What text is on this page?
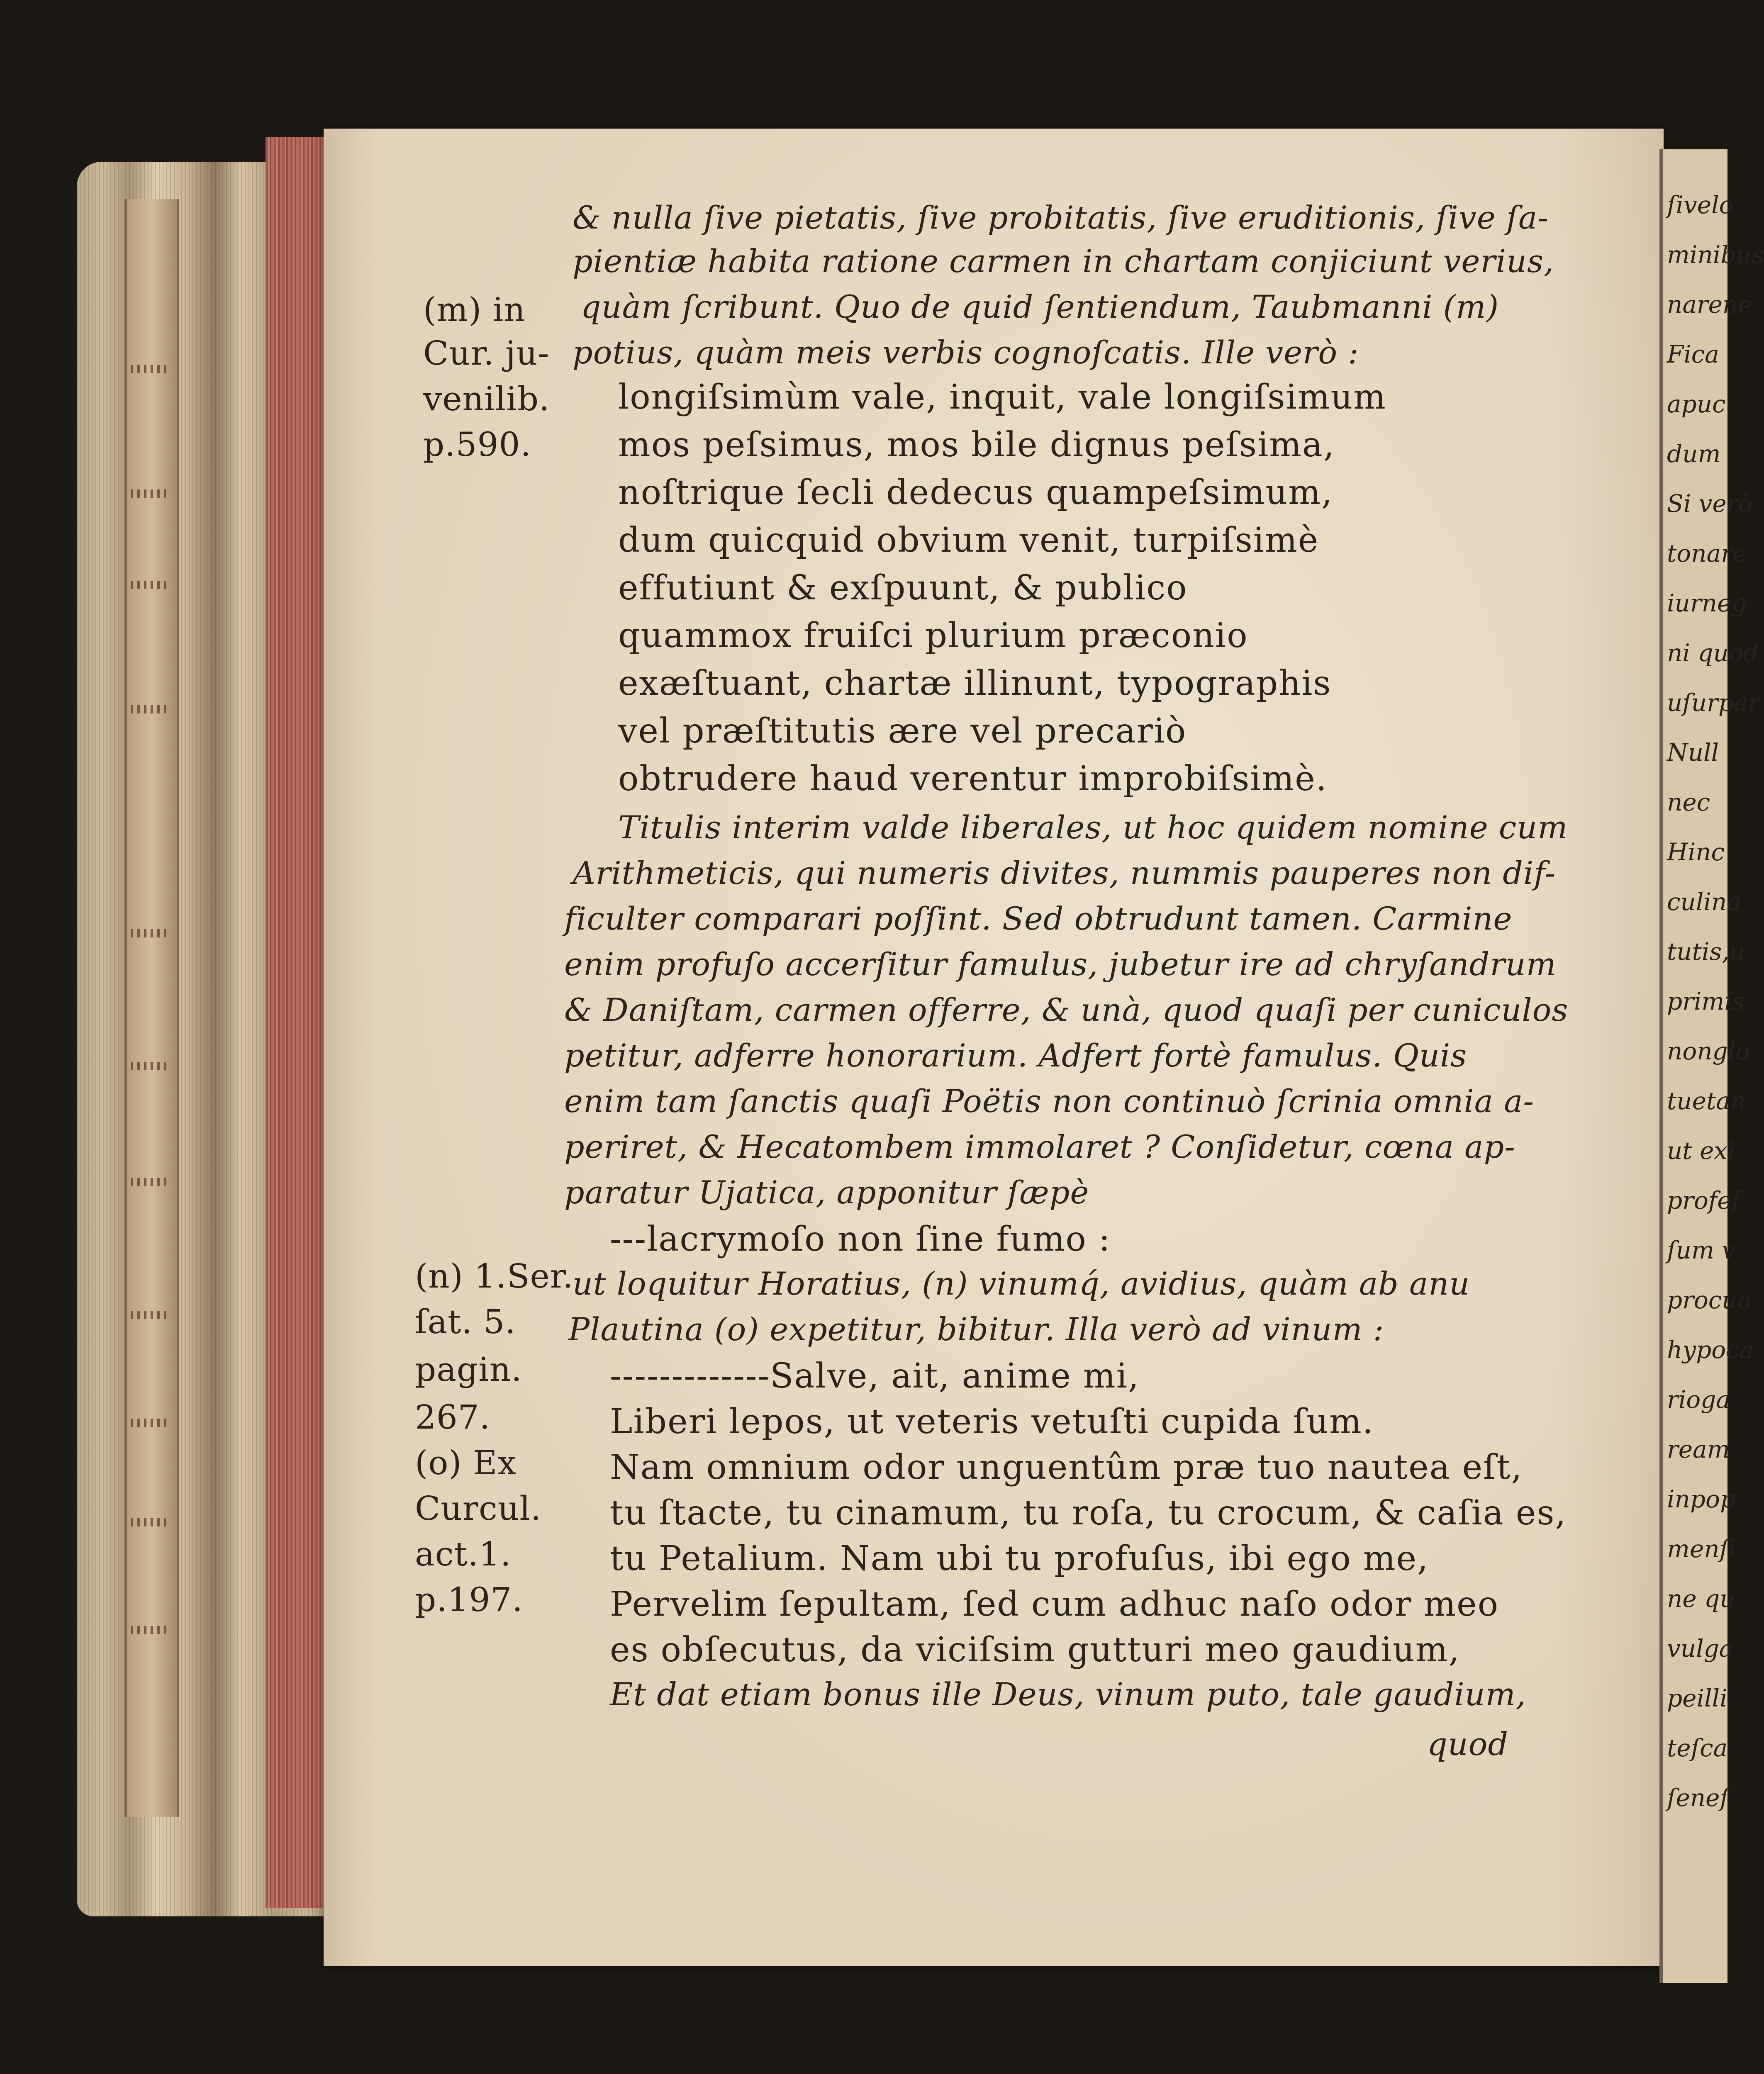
& nulla ſive pietatis, ſive probitatis, ſive eruditionis, ſive ſa-
pientiæ habita ratione carmen in chartam conjiciunt verius,
quàm ſcribunt. Quo de quid ſentiendum, Taubmanni (m)
potius, quàm meis verbis cognoſcatis. Ille verò :
longiſsimùm vale, inquit, vale longiſsimum
mos peſsimus, mos bile dignus peſsima,
noſtrique ſecli dedecus quampeſsimum,
dum quicquid obvium venit, turpiſsimè
effutiunt & exſpuunt, & publico
quammox fruiſci plurium præconio
exæſtuant, chartæ illinunt, typographis
vel præſtitutis ære vel precariò
obtrudere haud verentur improbiſsimè.
Titulis interim valde liberales, ut hoc quidem nomine cum
Arithmeticis, qui numeris divites, nummis pauperes non dif-
ficulter comparari poſſint. Sed obtrudunt tamen. Carmine
enim profuſo accerſitur famulus, jubetur ire ad chryſandrum
& Daniſtam, carmen offerre, & unà, quod quaſi per cuniculos
petitur, adferre honorarium. Adfert fortè famulus. Quis
enim tam ſanctis quaſi Poëtis non continuò ſcrinia omnia a-
periret, & Hecatombem immolaret ? Conſidetur, cœna ap-
paratur Ujatica, apponitur ſæpè
---lacrymoſo non ſine fumo :
ut loquitur Horatius, (n) vinumq́, avidius, quàm ab anu
Plautina (o) expetitur, bibitur. Illa verò ad vinum :
-------------Salve, ait, anime mi,
Liberi lepos, ut veteris vetuſti cupida ſum.
Nam omnium odor unguentûm præ tuo nautea eſt,
tu ſtacte, tu cinamum, tu roſa, tu crocum, & caſia es,
tu Petalium. Nam ubi tu profuſus, ibi ego me,
Pervelim ſepultam, ſed cum adhuc naſo odor meo
es obſecutus, da viciſsim gutturi meo gaudium,
Et dat etiam bonus ille Deus, vinum puto, tale gaudium,
quod
(m) in
Cur. ju-
venilib.
p.590.
(n) 1.Ser.
ſat. 5.
pagin.
267.
(o) Ex
Curcul.
act.1.
p.197.
ſivelo
minibus
narene
Fica
apuc
dum
Si verò
tonare
iurneg
ni quod
uſurpar
Null
nec
Hinc
culina
tutis,u
primis
nonglo
tuetan
ut exi
profeſ
ſum v
procua
hypoca
rioga
ream
inpop
menſi
ne qu
vulga
peilli
teſca
ſeneſ
